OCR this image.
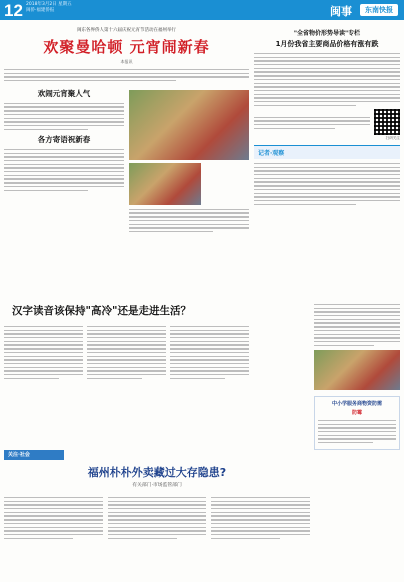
12 2018年3月2日 星期五
闽侨·福建侨报	闽事	东南快报
闽东各界侨人第十六届庆祝元宵节活动在福州举行
欢聚曼哈顿 元宵闹新春
本报讯
欢闹元宵聚人气
各方寄语祝新春
"全省物价形势导读"专栏
1月份我省主要商品价格有涨有跌
扫码关注
记者·观察
汉字读音该保持"高冷"还是走进生活？
关注·社会
福州朴朴外卖藏过大存隐患?
有关部门·市场监管部门
中小学服务商物资防需
防霉
